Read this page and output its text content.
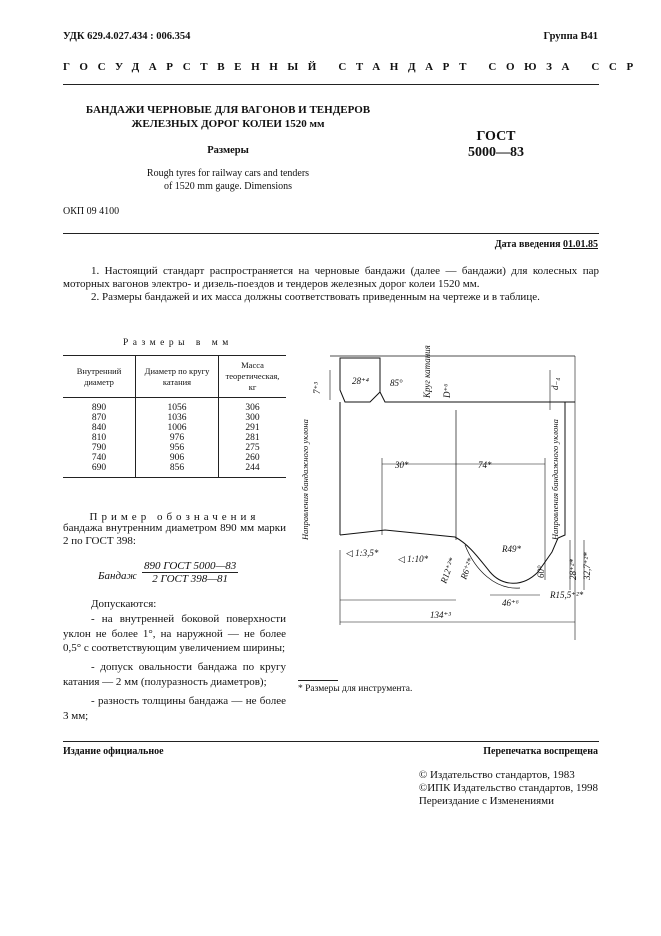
УДК 629.4.027.434 : 006.354	Группа В41
ГОСУДАРСТВЕННЫЙ СТАНДАРТ СОЮЗА ССР
БАНДАЖИ ЧЕРНОВЫЕ ДЛЯ ВАГОНОВ И ТЕНДЕРОВ
ЖЕЛЕЗНЫХ ДОРОГ КОЛЕИ 1520 мм
Размеры
Rough tyres for railway cars and tenders
of 1520 mm gauge. Dimensions
ГОСТ
5000—83
ОКП 09 4100
Дата введения 01.01.85
1. Настоящий стандарт распространяется на черновые бандажи (далее — бандажи) для колесных пар моторных вагонов электро- и дизель-поездов и тендеров железных дорог колеи 1520 мм.
2. Размеры бандажей и их масса должны соответствовать приведенным на чертеже и в таблице.
Размеры в мм
Внутренний диаметр	Диаметр по кругу катания	Масса теоретическая, кг
890	1056	306
870	1036	300
840	1006	291
810	976	281
790	956	275
740	906	260
690	856	244
Пример обозначения
бандажа внутренним диаметром 890 мм марки 2 по ГОСТ 398:
Бандаж
890 ГОСТ 5000—83
2 ГОСТ 398—81
Допускаются:
- на внутренней боковой поверхности уклон не более 1°, на наружной — не более 0,5° с соответствующим увеличением ширины;
- допуск овальности бандажа по кругу катания — 2 мм (полуразность диаметров);
- разность толщины бандажа — не более 3 мм;
28⁺⁴ 85° Круг катания D⁺⁶	d₋₄
7⁺³
30*	74*
Направления бандажного уклона	Направления бандажного уклона
◁ 1:3,5*
◁ 1:10* R12⁺²* R6⁺²*
R49*
60°
46⁺⁶
R15,5⁺²*
28⁺²* 32,7⁺²*
134⁺³
* Размеры для инструмента.
Издание официальное	Перепечатка воспрещена
© Издательство стандартов, 1983
©ИПК Издательство стандартов, 1998
Переиздание с Изменениями
